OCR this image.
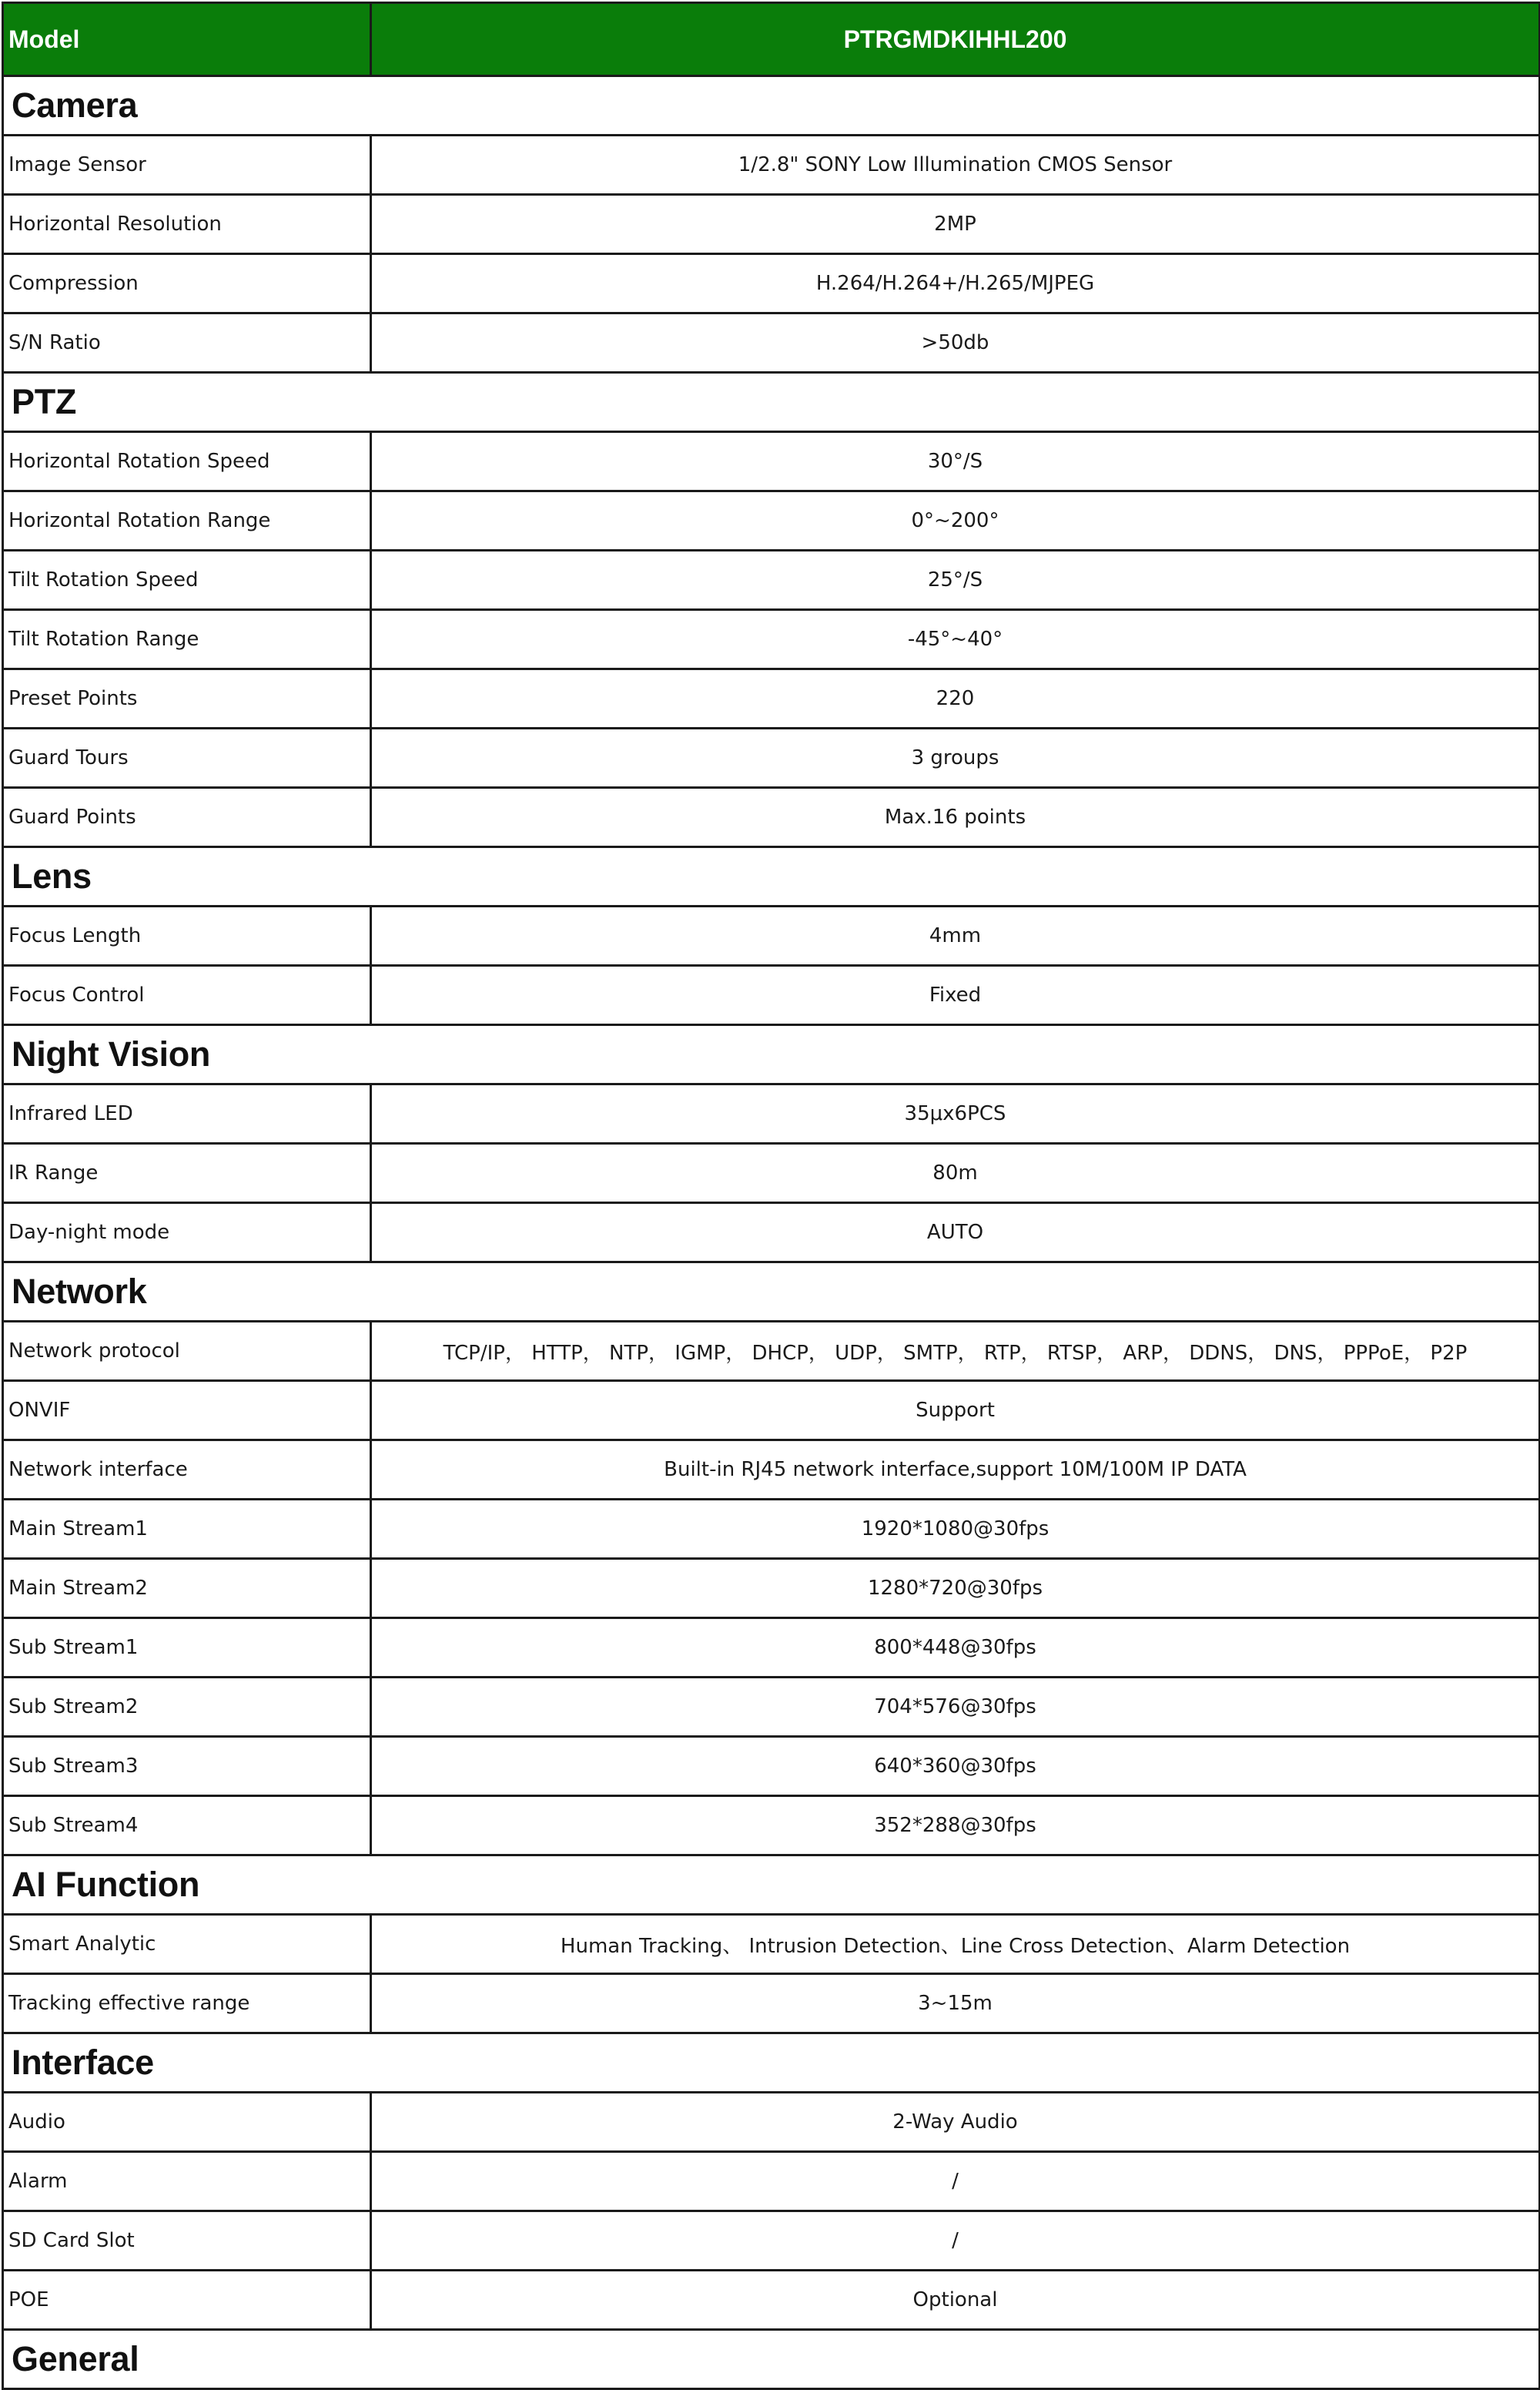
Model	PTRGMDKIHHL200
Camera	
Image Sensor	1/2.8" SONY Low Illumination CMOS Sensor
Horizontal Resolution	2MP
Compression	H.264/H.264+/H.265/MJPEG
S/N Ratio	>50db
PTZ	
Horizontal Rotation Speed	30°/S
Horizontal Rotation Range	0°~200°
Tilt Rotation Speed	25°/S
Tilt Rotation Range	-45°~40°
Preset Points	220
Guard Tours	3 groups
Guard Points	Max.16 points
Lens	
Focus Length	4mm
Focus Control	Fixed
Night Vision	
Infrared LED	35μx6PCS
IR Range	80m
Day-night mode	AUTO
Network	
Network protocol	TCP/IP， HTTP， NTP， IGMP， DHCP， UDP， SMTP， RTP， RTSP， ARP， DDNS， DNS， PPPoE， P2P
ONVIF	Support
Network interface	Built-in RJ45 network interface,support 10M/100M IP DATA
Main Stream1	1920*1080@30fps
Main Stream2	1280*720@30fps
Sub Stream1	800*448@30fps
Sub Stream2	704*576@30fps
Sub Stream3	640*360@30fps
Sub Stream4	352*288@30fps
AI Function	
Smart Analytic	Human Tracking、 Intrusion Detection、Line Cross Detection、Alarm Detection
Tracking effective range	3~15m
Interface	
Audio	2-Way Audio
Alarm	/
SD Card Slot	/
POE	Optional
General	
